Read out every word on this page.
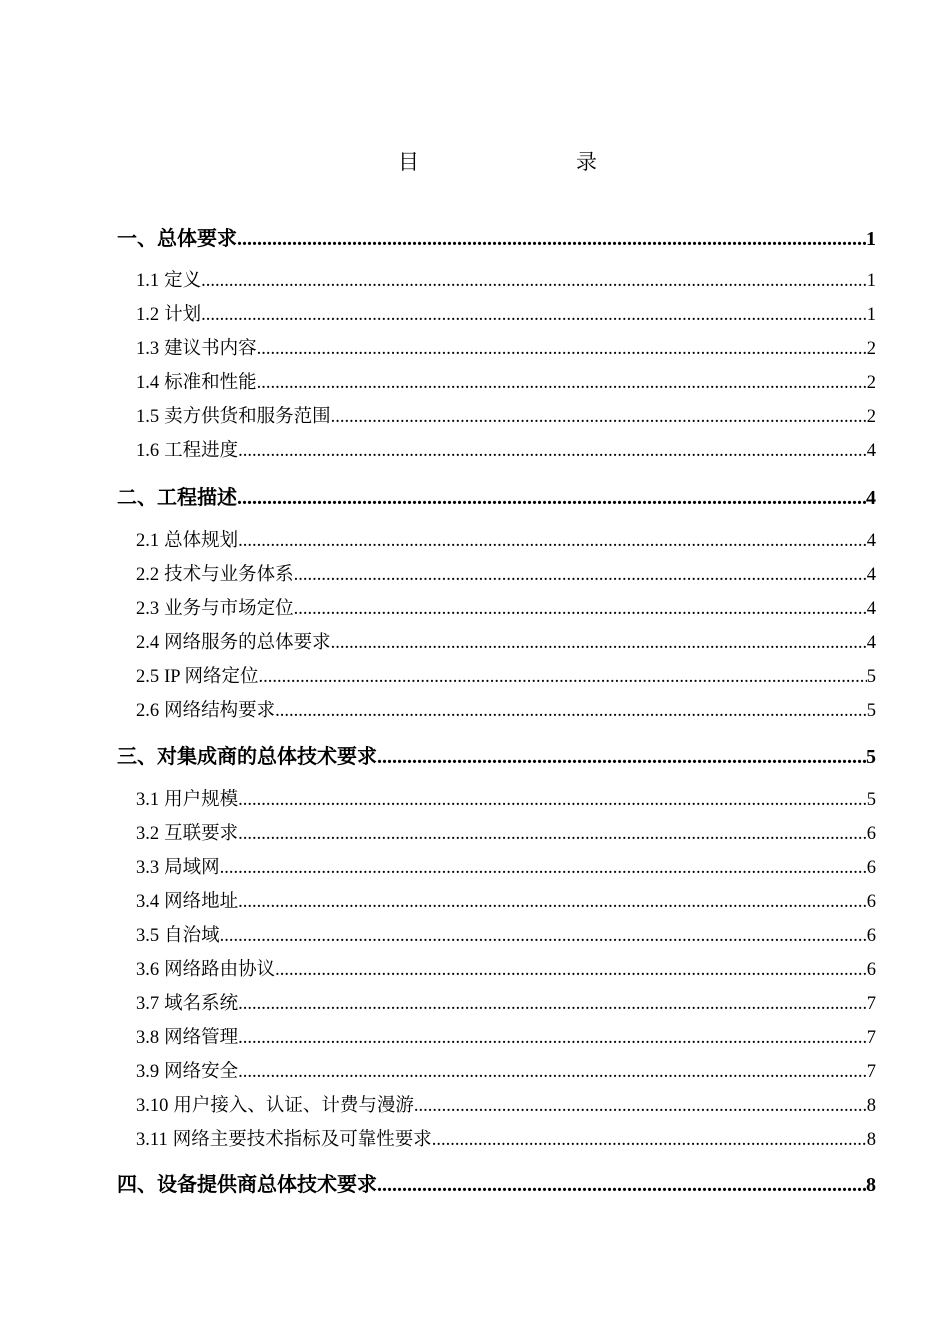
目	录
一、 总体要求 .....	1
1.1 定义 .....	1
1.2 计划 .....	1
1.3 建议书内容 .....	2
1.4 标准和性能 .....	2
1.5 卖方供货和服务范围 .....	2
1.6 工程进度 .....	4
二、 工程描述 .....	4
2.1 总体规划 .....	4
2.2 技术与业务体系 .....	4
2.3 业务与市场定位 .....	4
2.4 网络服务的总体要求 .....	4
2.5 IP 网络定位 .....	5
2.6 网络结构要求 .....	5
三、 对集成商的总体技术要求 .....	5
3.1 用户规模 .....	5
3.2 互联要求 .....	6
3.3 局域网 .....	6
3.4 网络地址 .....	6
3.5 自治域 .....	6
3.6 网络路由协议 .....	6
3.7 域名系统 .....	7
3.8 网络管理 .....	7
3.9 网络安全 .....	7
3.10 用户接入、认证、计费与漫游 .....	8
3.11 网络主要技术指标及可靠性要求 .....	8
四、 设备提供商总体技术要求 .....	8
